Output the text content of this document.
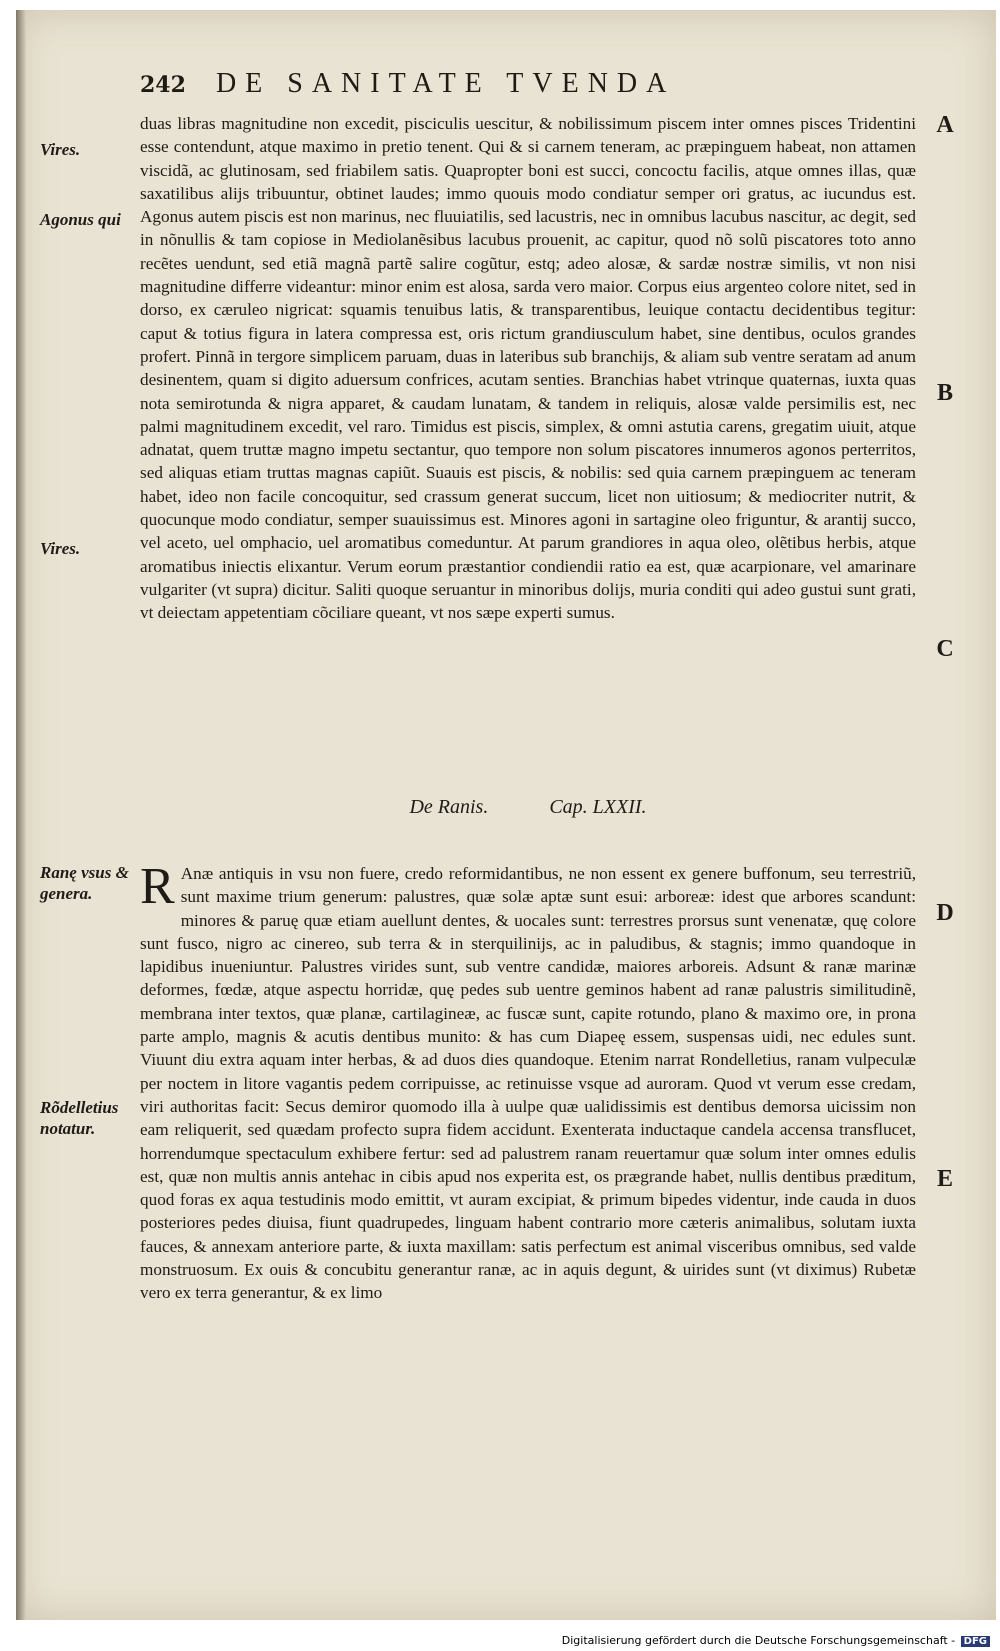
242 DE SANITATE TVENDA

duas libras magnitudine non excedit, pisciculis uescitur, & nobilissimum piscem inter omnes pisces Tridentini esse contendunt, atque maximo in pretio tenent. Qui & si carnem teneram, ac præpinguem habeat, non attamen viscidã, ac glutinosam, sed friabilem satis. Quapropter boni est succi, concoctu facilis, atque omnes illas, quæ saxatilibus alijs tribuuntur, obtinet laudes; immo quouis modo condiatur semper ori gratus, ac iucundus est. Agonus autem piscis est non marinus, nec fluuiatilis, sed lacustris, nec in omnibus lacubus nascitur, ac degit, sed in nõnullis & tam copiose in Mediolanẽsibus lacubus prouenit, ac capitur, quod nõ solũ piscatores toto anno recẽtes uendunt, sed etiã magnã partẽ salire cogũtur, estq; adeo alosæ, & sardæ nostræ similis, vt non nisi magnitudine differre videantur: minor enim est alosa, sarda vero maior. Corpus eius argenteo colore nitet, sed in dorso, ex cæruleo nigricat: squamis tenuibus latis, & transparentibus, leuique contactu decidentibus tegitur: caput & totius figura in latera compressa est, oris rictum grandiusculum habet, sine dentibus, oculos grandes profert. Pinnã in tergore simplicem paruam, duas in lateribus sub branchijs, & aliam sub ventre seratam ad anum desinentem, quam si digito aduersum confrices, acutam senties. Branchias habet vtrinque quaternas, iuxta quas nota semirotunda & nigra apparet, & caudam lunatam, & tandem in reliquis, alosæ valde persimilis est, nec palmi magnitudinem excedit, vel raro. Timidus est piscis, simplex, & omni astutia carens, gregatim uiuit, atque adnatat, quem truttæ magno impetu sectantur, quo tempore non solum piscatores innumeros agonos perterritos, sed aliquas etiam truttas magnas capiũt. Suauis est piscis, & nobilis: sed quia carnem præpinguem ac teneram habet, ideo non facile concoquitur, sed crassum generat succum, licet non uitiosum; & mediocriter nutrit, & quocunque modo condiatur, semper suauissimus est. Minores agoni in sartagine oleo friguntur, & arantij succo, vel aceto, uel omphacio, uel aromatibus comeduntur. At parum grandiores in aqua oleo, olẽtibus herbis, atque aromatibus iniectis elixantur. Verum eorum præstantior condiendii ratio ea est, quæ acarpionare, vel amarinare vulgariter (vt supra) dicitur. Saliti quoque seruantur in minoribus dolijs, muria conditi qui adeo gustui sunt grati, vt deiectam appetentiam cõciliare queant, vt nos sæpe experti sumus.

De Ranis.	Cap. LXXII.

R Anæ antiquis in vsu non fuere, credo reformidantibus, ne non essent ex genere buffonum, seu terrestriũ, sunt maxime trium generum: palustres, quæ solæ aptæ sunt esui: arboreæ: idest que arbores scandunt: minores & paruę quæ etiam auellunt dentes, & uocales sunt: terrestres prorsus sunt venenatæ, quę colore sunt fusco, nigro ac cinereo, sub terra & in sterquilinijs, ac in paludibus, & stagnis; immo quandoque in lapidibus inueniuntur. Palustres virides sunt, sub ventre candidæ, maiores arboreis. Adsunt & ranæ marinæ deformes, fœdæ, atque aspectu horridæ, quę pedes sub uentre geminos habent ad ranæ palustris similitudinẽ, membrana inter textos, quæ planæ, cartilagineæ, ac fuscæ sunt, capite rotundo, plano & maximo ore, in prona parte amplo, magnis & acutis dentibus munito: & has cum Diapeę essem, suspensas uidi, nec edules sunt. Viuunt diu extra aquam inter herbas, & ad duos dies quandoque. Etenim narrat Rondelletius, ranam vulpeculæ per noctem in litore vagantis pedem corripuisse, ac retinuisse vsque ad auroram. Quod vt verum esse credam, viri authoritas facit: Secus demiror quomodo illa à uulpe quæ ualidissimis est dentibus demorsa uicissim non eam reliquerit, sed quædam profecto supra fidem accidunt. Exenterata inductaque candela accensa transflucet, horrendumque spectaculum exhibere fertur: sed ad palustrem ranam reuertamur quæ solum inter omnes edulis est, quæ non multis annis antehac in cibis apud nos experita est, os prægrande habet, nullis dentibus præditum, quod foras ex aqua testudinis modo emittit, vt auram excipiat, & primum bipedes videntur, inde cauda in duos posteriores pedes diuisa, fiunt quadrupedes, linguam habent contrario more cæteris animalibus, solutam iuxta fauces, & annexam anteriore parte, & iuxta maxillam: satis perfectum est animal visceribus omnibus, sed valde monstruosum. Ex ouis & concubitu generantur ranæ, ac in aquis degunt, & uirides sunt (vt diximus) Rubetæ vero ex terra generantur, & ex limo

Vires.
Agonus qui
Vires.
Ranę vsus & genera.
Rõdelletius notatur.
A
B
C
D
E
Digitalisierung gefördert durch die Deutsche Forschungsgemeinschaft - DFG
